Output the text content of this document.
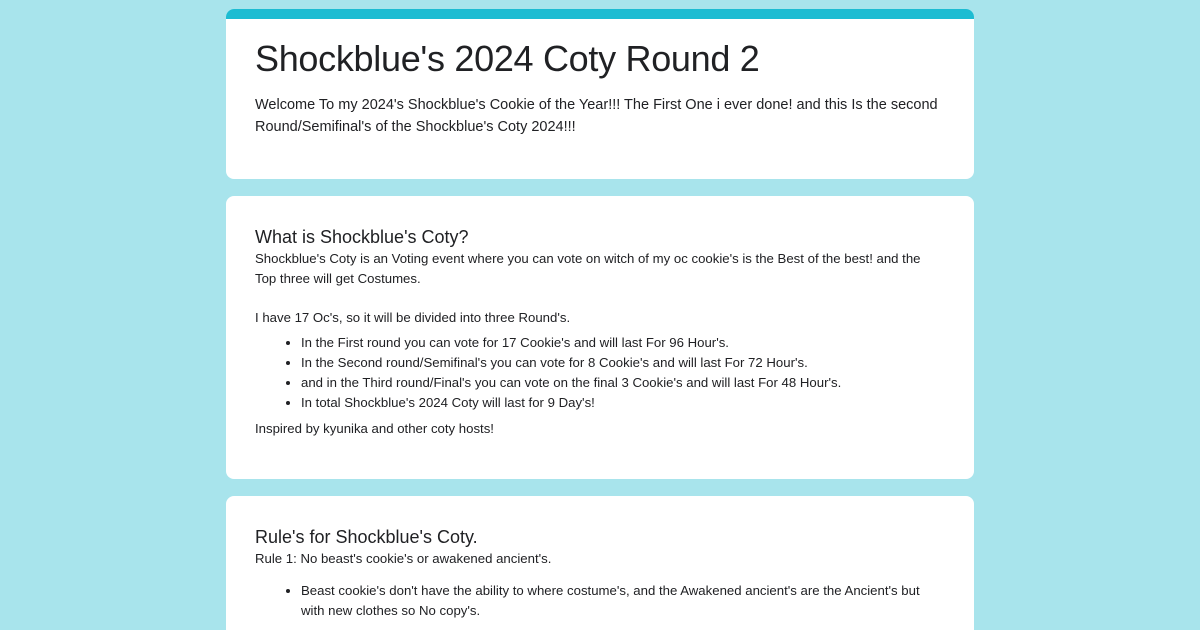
Shockblue's 2024 Coty Round 2

Welcome To my 2024's Shockblue's Cookie of the Year!!! The First One i ever done! and this Is the second Round/Semifinal's of the Shockblue's Coty 2024!!!

What is Shockblue's Coty?

Shockblue's Coty is an Voting event where you can vote on witch of my oc cookie's is the Best of the best! and the Top three will get Costumes.

I have 17 Oc's, so it will be divided into three Round's.

• In the First round you can vote for 17 Cookie's and will last For 96 Hour's.
• In the Second round/Semifinal's you can vote for 8 Cookie's and will last For 72 Hour's.
• and in the Third round/Final's you can vote on the final 3 Cookie's and will last For 48 Hour's.
• In total Shockblue's 2024 Coty will last for 9 Day's!

Inspired by kyunika and other coty hosts!

Rule's for Shockblue's Coty.

Rule 1: No beast's cookie's or awakened ancient's.

• Beast cookie's don't have the ability to where costume's, and the Awakened ancient's are the Ancient's but with new clothes so No copy's.
